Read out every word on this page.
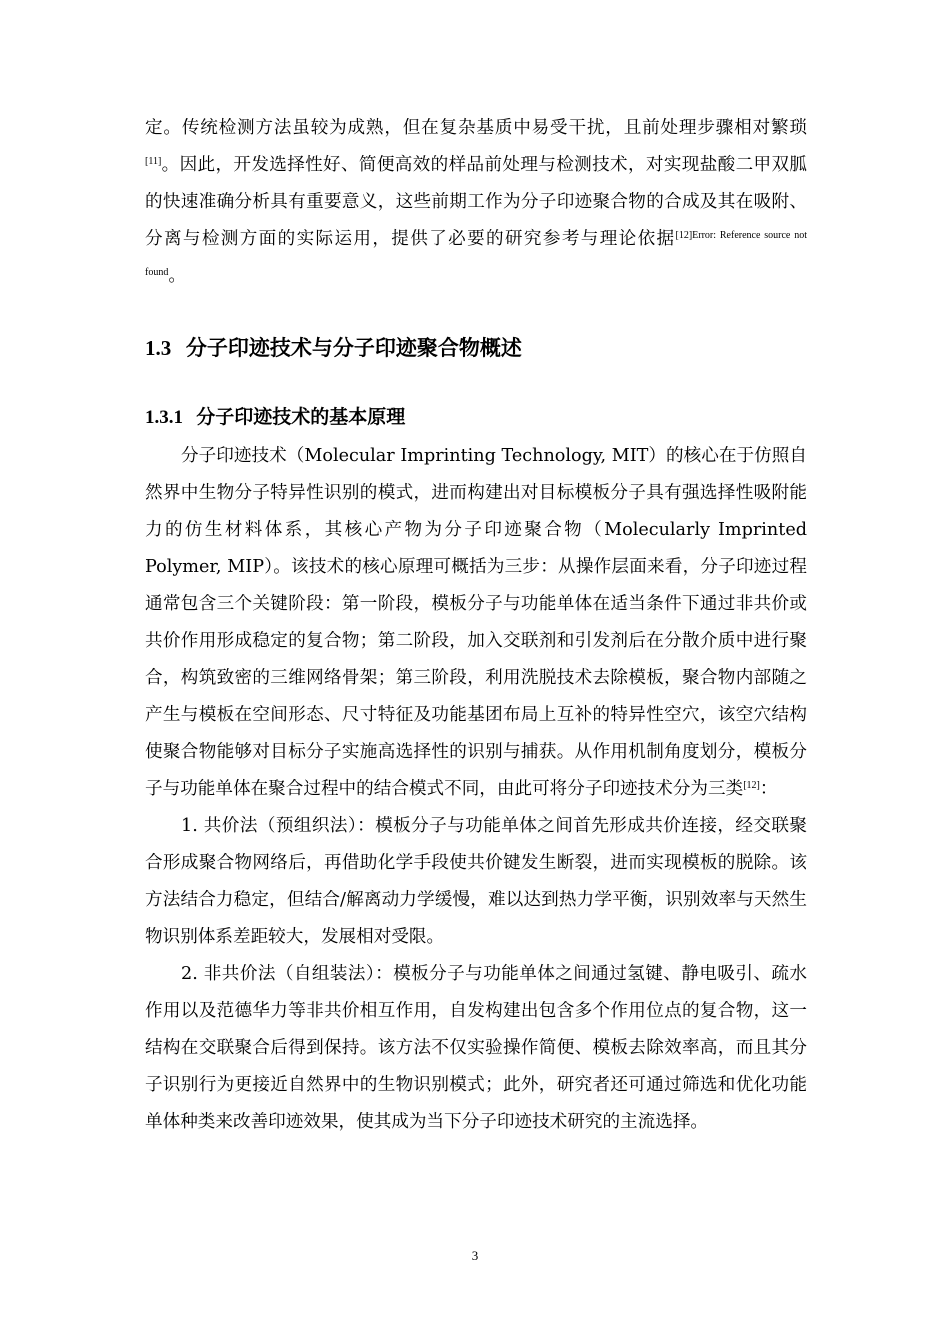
定。传统检测方法虽较为成熟，但在复杂基质中易受干扰，且前处理步骤相对繁琐[11]。因此，开发选择性好、简便高效的样品前处理与检测技术，对实现盐酸二甲双胍的快速准确分析具有重要意义，这些前期工作为分子印迹聚合物的合成及其在吸附、分离与检测方面的实际运用，提供了必要的研究参考与理论依据$^{[12]Error: Reference source not found}$。

1.3 分子印迹技术与分子印迹聚合物概述
1.3.1 分子印迹技术的基本原理

分子印迹技术（Molecular Imprinting Technology, MIT）的核心在于仿照自然界中生物分子特异性识别的模式，进而构建出对目标模板分子具有强选择性吸附能力的仿生材料体系，其核心产物为分子印迹聚合物（Molecularly Imprinted Polymer, MIP）。该技术的核心原理可概括为三步：从操作层面来看，分子印迹过程通常包含三个关键阶段：第一阶段，模板分子与功能单体在适当条件下通过非共价或共价作用形成稳定的复合物；第二阶段，加入交联剂和引发剂后在分散介质中进行聚合，构筑致密的三维网络骨架；第三阶段，利用洗脱技术去除模板，聚合物内部随之产生与模板在空间形态、尺寸特征及功能基团布局上互补的特异性空穴，该空穴结构使聚合物能够对目标分子实施高选择性的识别与捕获。从作用机制角度划分，模板分子与功能单体在聚合过程中的结合模式不同，由此可将分子印迹技术分为三类[12]：

1. 共价法（预组织法）：模板分子与功能单体之间首先形成共价连接，经交联聚合形成聚合物网络后，再借助化学手段使共价键发生断裂，进而实现模板的脱除。该方法结合力稳定，但结合/解离动力学缓慢，难以达到热力学平衡，识别效率与天然生物识别体系差距较大，发展相对受限。

2. 非共价法（自组装法）：模板分子与功能单体之间通过氢键、静电吸引、疏水作用以及范德华力等非共价相互作用，自发构建出包含多个作用位点的复合物，这一结构在交联聚合后得到保持。该方法不仅实验操作简便、模板去除效率高，而且其分子识别行为更接近自然界中的生物识别模式；此外，研究者还可通过筛选和优化功能单体种类来改善印迹效果，使其成为当下分子印迹技术研究的主流选择。

3
